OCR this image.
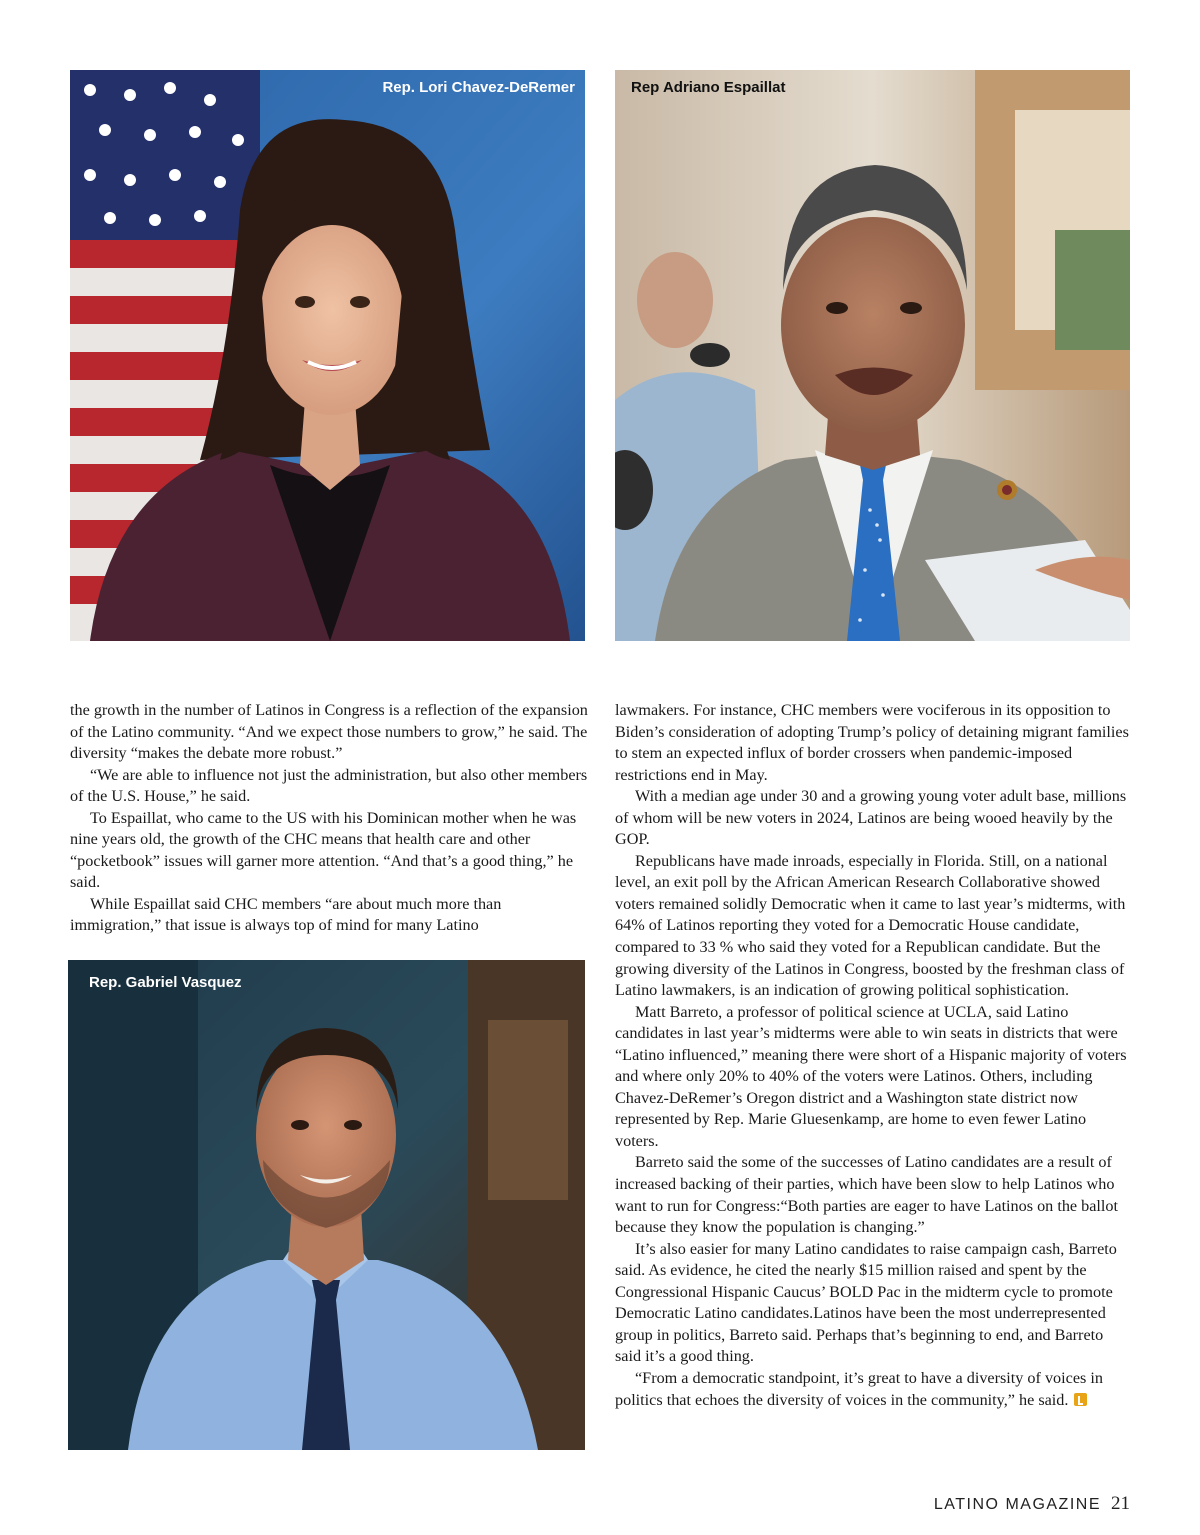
Rep. Lori Chavez-DeRemer	Rep Adriano Espaillat
Rep. Gabriel Vasquez

the growth in the number of Latinos in Congress is a reflection of the expansion of the Latino community. “And we expect those numbers to grow,” he said. The diversity “makes the debate more robust.”

“We are able to influence not just the administration, but also other members of the U.S. House,” he said.

To Espaillat, who came to the US with his Dominican mother when he was nine years old, the growth of the CHC means that health care and other “pocketbook” issues will garner more attention. “And that’s a good thing,” he said.

While Espaillat said CHC members “are about much more than immigration,” that issue is always top of mind for many Latino

lawmakers. For instance, CHC members were vociferous in its opposition to Biden’s consideration of adopting Trump’s policy of detaining migrant families to stem an expected influx of border crossers when pandemic-imposed restrictions end in May.

With a median age under 30 and a growing young voter adult base, millions of whom will be new voters in 2024, Latinos are being wooed heavily by the GOP.

Republicans have made inroads, especially in Florida. Still, on a national level, an exit poll by the African American Research Collaborative showed voters remained solidly Democratic when it came to last year’s midterms, with 64% of Latinos reporting they voted for a Democratic House candidate, compared to 33 % who said they voted for a Republican candidate. But the growing diversity of the Latinos in Congress, boosted by the freshman class of Latino lawmakers, is an indication of growing political sophistication.

Matt Barreto, a professor of political science at UCLA, said Latino candidates in last year’s midterms were able to win seats in districts that were “Latino influenced,” meaning there were short of a Hispanic majority of voters and where only 20% to 40% of the voters were Latinos. Others, including Chavez-DeRemer’s Oregon district and a Washington state district now represented by Rep. Marie Gluesenkamp, are home to even fewer Latino voters.

Barreto said the some of the successes of Latino candidates are a result of increased backing of their parties, which have been slow to help Latinos who want to run for Congress:“Both parties are eager to have Latinos on the ballot because they know the population is changing.”

It’s also easier for many Latino candidates to raise campaign cash, Barreto said. As evidence, he cited the nearly $15 million raised and spent by the Congressional Hispanic Caucus’ BOLD Pac in the midterm cycle to promote Democratic Latino candidates.Latinos have been the most underrepresented group in politics, Barreto said. Perhaps that’s beginning to end, and Barreto said it’s a good thing.

“From a democratic standpoint, it’s great to have a diversity of voices in politics that echoes the diversity of voices in the community,” he said.

LATINO MAGAZINE 21
